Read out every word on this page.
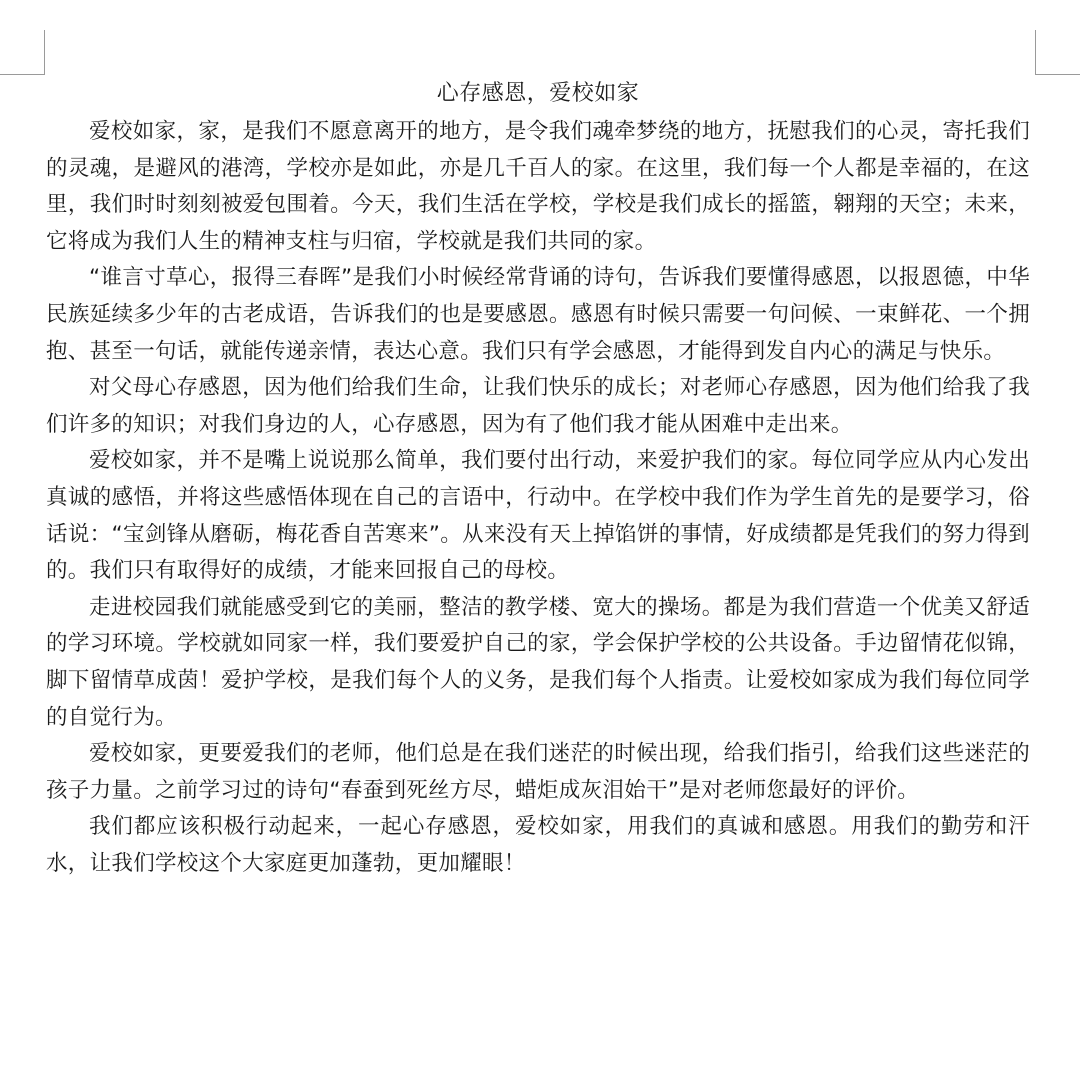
心存感恩，爱校如家

爱校如家，家，是我们不愿意离开的地方，是令我们魂牵梦绕的地方，抚慰我们的心灵，寄托我们的灵魂，是避风的港湾，学校亦是如此，亦是几千百人的家。在这里，我们每一个人都是幸福的，在这里，我们时时刻刻被爱包围着。今天，我们生活在学校，学校是我们成长的摇篮，翱翔的天空；未来，它将成为我们人生的精神支柱与归宿，学校就是我们共同的家。

“谁言寸草心，报得三春晖”是我们小时候经常背诵的诗句，告诉我们要懂得感恩，以报恩德，中华民族延续多少年的古老成语，告诉我们的也是要感恩。感恩有时候只需要一句问候、一束鲜花、一个拥抱、甚至一句话，就能传递亲情，表达心意。我们只有学会感恩，才能得到发自内心的满足与快乐。

对父母心存感恩，因为他们给我们生命，让我们快乐的成长；对老师心存感恩，因为他们给我了我们许多的知识；对我们身边的人，心存感恩，因为有了他们我才能从困难中走出来。

爱校如家，并不是嘴上说说那么简单，我们要付出行动，来爱护我们的家。每位同学应从内心发出真诚的感悟，并将这些感悟体现在自己的言语中，行动中。在学校中我们作为学生首先的是要学习，俗话说：“宝剑锋从磨砺，梅花香自苦寒来”。从来没有天上掉馅饼的事情，好成绩都是凭我们的努力得到的。我们只有取得好的成绩，才能来回报自己的母校。

走进校园我们就能感受到它的美丽，整洁的教学楼、宽大的操场。都是为我们营造一个优美又舒适的学习环境。学校就如同家一样，我们要爱护自己的家，学会保护学校的公共设备。手边留情花似锦，脚下留情草成茵！爱护学校，是我们每个人的义务，是我们每个人指责。让爱校如家成为我们每位同学的自觉行为。

爱校如家，更要爱我们的老师，他们总是在我们迷茫的时候出现，给我们指引，给我们这些迷茫的孩子力量。之前学习过的诗句“春蚕到死丝方尽，蜡炬成灰泪始干”是对老师您最好的评价。

我们都应该积极行动起来，一起心存感恩，爱校如家，用我们的真诚和感恩。用我们的勤劳和汗水，让我们学校这个大家庭更加蓬勃，更加耀眼！
